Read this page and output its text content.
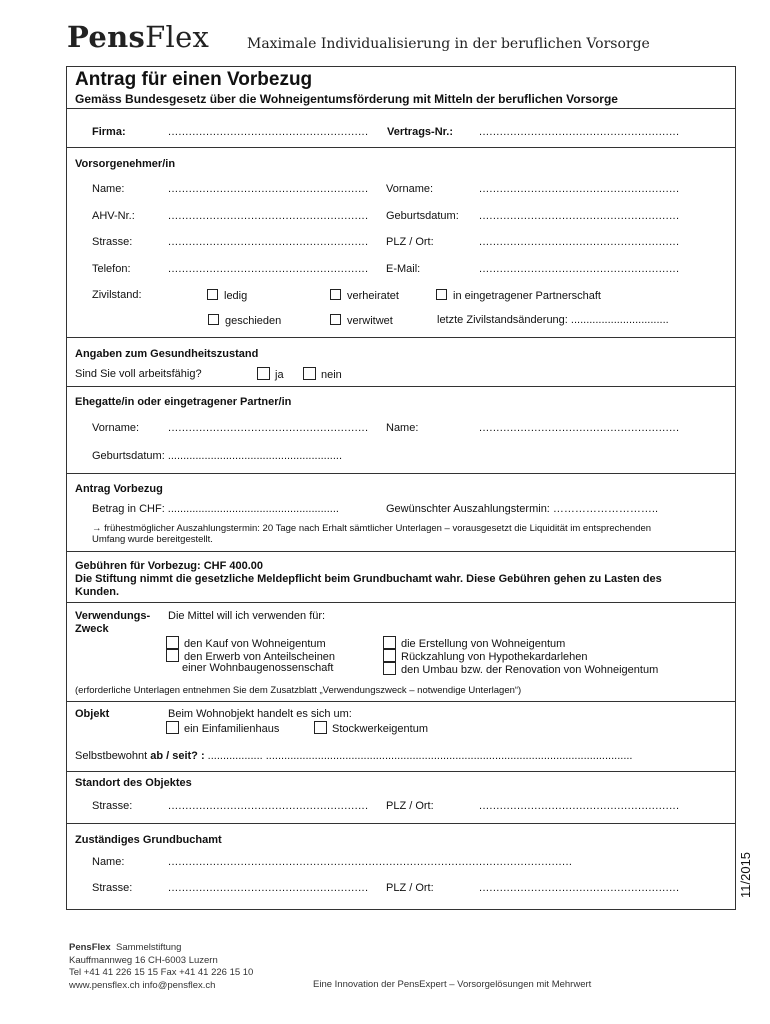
PensFlex	Maximale Individualisierung in der beruflichen Vorsorge
Antrag für einen Vorbezug
Gemäss Bundesgesetz über die Wohneigentumsförderung mit Mitteln der beruflichen Vorsorge
Firma:	.......................................................... Vertrags-Nr.: ..........................................................
Vorsorgenehmer/in
Name:	.......................................................... Vorname:	..........................................................
AHV-Nr.:	.......................................................... Geburtsdatum: ..........................................................
Strasse:	.......................................................... PLZ / Ort:	..........................................................
Telefon:	.......................................................... E-Mail:	..........................................................
Zivilstand:	ledig	verheiratet	in eingetragener Partnerschaft
geschieden	verwitwet	letzte Zivilstandsänderung: ................................
Angaben zum Gesundheitszustand
Sind Sie voll arbeitsfähig?	ja	nein
Ehegatte/in oder eingetragener Partner/in
Vorname:	.......................................................... Name:	..........................................................
Geburtsdatum: .........................................................
Antrag Vorbezug
Betrag in CHF: ........................................................	Gewünschter Auszahlungstermin: ………………………..
→ frühestmöglicher Auszahlungstermin: 20 Tage nach Erhalt sämtlicher Unterlagen – vorausgesetzt die Liquidität im entsprechenden
Umfang wurde bereitgestellt.
Gebühren für Vorbezug: CHF 400.00
Die Stiftung nimmt die gesetzliche Meldepflicht beim Grundbuchamt wahr. Diese Gebühren gehen zu Lasten des
Kunden.
Verwendungs-
Zweck
Die Mittel will ich verwenden für:
den Kauf von Wohneigentum
den Erwerb von Anteilscheinen
einer Wohnbaugenossenschaft
die Erstellung von Wohneigentum
Rückzahlung von Hypothekardarlehen
den Umbau bzw. der Renovation von Wohneigentum
(erforderliche Unterlagen entnehmen Sie dem Zusatzblatt „Verwendungszweck – notwendige Unterlagen“)
Objekt	Beim Wohnobjekt handelt es sich um:
ein Einfamilienhaus	Stockwerkeigentum
Selbstbewohnt ab / seit? : .................. ........................................................................................................................
Standort des Objektes
Strasse:	.......................................................... PLZ / Ort:	..........................................................
Zuständiges Grundbuchamt
Name:	.....................................................................................................................
Strasse:	.......................................................... PLZ / Ort:	..........................................................	11/2015
PensFlex Sammelstiftung
Kauffmannweg 16 CH-6003 Luzern
Tel +41 41 226 15 15 Fax +41 41 226 15 10
www.pensflex.ch info@pensflex.ch	Eine Innovation der PensExpert – Vorsorgelösungen mit Mehrwert
